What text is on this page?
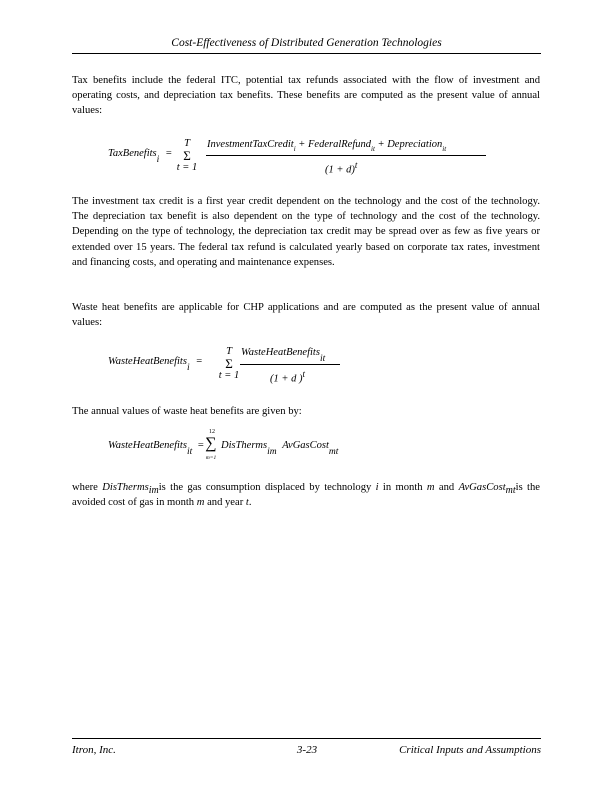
Cost-Effectiveness of Distributed Generation Technologies
Tax benefits include the federal ITC, potential tax refunds associated with the flow of investment and operating costs, and depreciation tax benefits. These benefits are computed as the present value of annual values:
TaxBenefitsi =
T
Σ
t = 1
InvestmentTaxCredit$_i$ + FederalRefund$_{it}$ + Depreciation$_{it}$
$(1 + d)^t$
The investment tax credit is a first year credit dependent on the technology and the cost of the technology. The depreciation tax benefit is also dependent on the type of technology and the cost of the technology. Depending on the type of technology, the depreciation tax credit may be spread over as few as five years or extended over 15 years. The federal tax refund is calculated yearly based on corporate tax rates, investment and financing costs, and operating and maintenance expenses.
Waste heat benefits are applicable for CHP applications and are computed as the present value of annual values:
WasteHeatBenefitsi =
T
Σ
t = 1
WasteHeatBenefitsit
(1 + d )$^t$
The annual values of waste heat benefits are given by:
WasteHeatBenefitsit =
12
∑
m=1
DisThermsim AvGasCostmt
where DisThermsimis the gas consumption displaced by technology i in month m and AvGasCostmtis the avoided cost of gas in month m and year t.
Itron, Inc.	3-23	Critical Inputs and Assumptions
